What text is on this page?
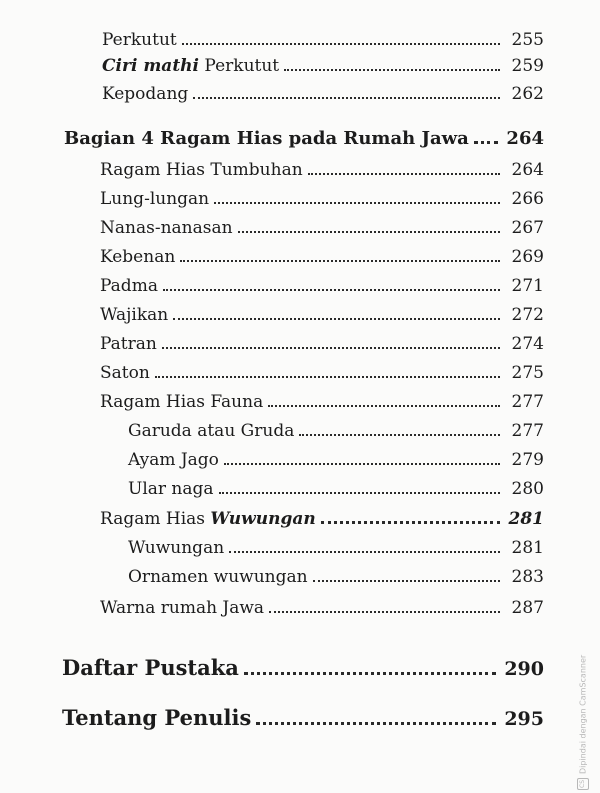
Perkutut	255
Ciri mathi Perkutut	259
Kepodang	262
Bagian 4 Ragam Hias pada Rumah Jawa 264
Ragam Hias Tumbuhan	264
Lung-lungan	266
Nanas-nanasan	267
Kebenan	269
Padma	271
Wajikan	272
Patran	274
Saton	275
Ragam Hias Fauna	277
Garuda atau Gruda	277
Ayam Jago	279
Ular naga	280
Ragam Hias Wuwungan	281
Wuwungan	281
Ornamen wuwungan	283
Warna rumah Jawa	287
Daftar Pustaka	290
Tentang Penulis	295
CS
Dipindai dengan CamScanner
